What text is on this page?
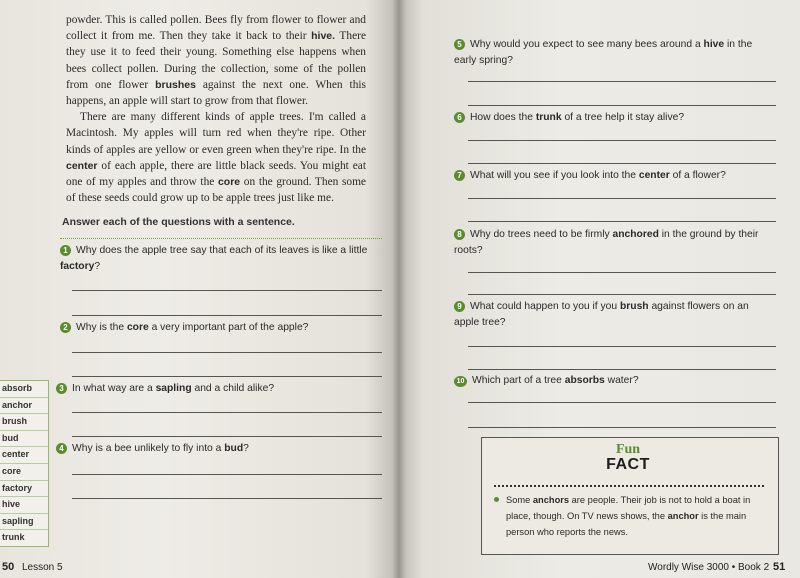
powder. This is called pollen. Bees fly from flower to flower and collect it from me. Then they take it back to their hive. There they use it to feed their young. Something else happens when bees collect pollen. During the collection, some of the pollen from one flower brushes against the next one. When this happens, an apple will start to grow from that flower.

There are many different kinds of apple trees. I'm called a Macintosh. My apples will turn red when they're ripe. Other kinds of apples are yellow or even green when they're ripe. In the center of each apple, there are little black seeds. You might eat one of my apples and throw the core on the ground. Then some of these seeds could grow up to be apple trees just like me.

Answer each of the questions with a sentence.
1 Why does the apple tree say that each of its leaves is like a little factory?
2 Why is the core a very important part of the apple?
3 In what way are a sapling and a child alike?
4 Why is a bee unlikely to fly into a bud?
absorb
anchor
brush
bud
center
core
factory
hive
sapling
trunk
50 Lesson 5
5 Why would you expect to see many bees around a hive in the early spring?
6 How does the trunk of a tree help it stay alive?
7 What will you see if you look into the center of a flower?
8 Why do trees need to be firmly anchored in the ground by their roots?
9 What could happen to you if you brush against flowers on an apple tree?
10 Which part of a tree absorbs water?
Wordly Wise 3000 • Book 2 51
Fun
FACT
Some anchors are people. Their job is not to hold a boat in place, though. On TV news shows, the anchor is the main person who reports the news.
